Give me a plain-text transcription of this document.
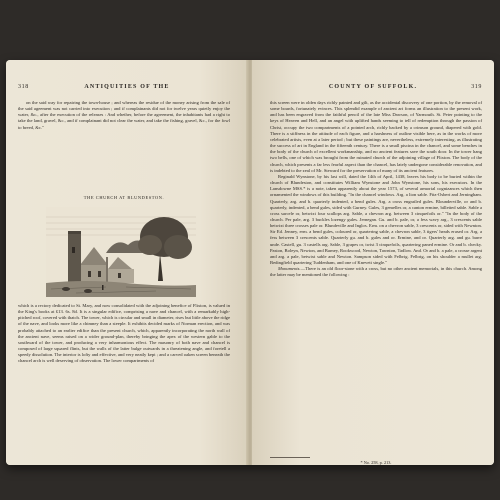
318	ANTIQUITIES OF THE

on the said way for repairing the town-house ; and whereas the residue of the money arising from the sale of the said ageement was not carried into execution ; and if complainants did not for twelve years quietly enjoy the water, &c., after the execution of the releases : And whether, before the agreement, the inhabitants had a right to take the land, gravel, &c., and if complainant did not clear the water, and take the fishing, gravel, &c., for the fowl to breed, &c."

THE CHURCH AT BLUNDESTON.

which is a rectory dedicated to St. Mary, and now consolidated with the adjoining benefice of Flixton, is valued in the King's books at £13. 6s. 8d. It is a singular edifice, comprising a nave and chancel, with a remarkably high-pitched roof, covered with thatch. The tower, which is circular and small in diameter, rises but little above the ridge of the nave, and looks more like a chimney than a steeple. It exhibits decided marks of Norman erection, and was probably attached to an earlier edifice than the present church, which, apparently incorporating the north wall of the ancient nave, seems raised on a wider ground-plan, thereby bringing the apex of the western gable to the southward of the tower, and producing a very inharmonious effect. The masonry of both nave and chancel is composed of large squared flints, but the walls of the latter bulge outwards in a threatening angle, and foretell a speedy dissolution. The interior is lofty and effective, and very neatly kept ; and a carved oaken screen beneath the chancel arch is well deserving of observation. The lower compartments of

COUNTY OF SUFFOLK.	319

this screen were in olden days richly painted and gilt, as the accidental discovery of one portion, by the removal of some boards, fortunately evinces. This splendid example of ancient art forms an illustration to the present work, and has been engraved from the faithful pencil of the late Miss Dawson, of Yarmouth. St. Peter pointing to the keys of Heaven and Hell, and an angel with uplifted hands seeming to tell of redemption through the passion of Christ, occupy the two compartments of a pointed arch, richly backed by a crimson ground, diapered with gold. There is a stiffness in the attitude of each figure, and a harshness of outline visible here, as in the works of more celebrated artists, even at a later period ; but these paintings are, nevertheless, extremely interesting, as illustrating the success of art in England in the fifteenth century. There is a small piscina in the chancel, and some benches in the body of the church of excellent workmanship, and no ancient features save the south door. In the tower hang two bells, one of which was brought from the ruinated church of the adjoining village of Flixton. The body of the church, which presents a far less fearful aspect than the chancel, has lately undergone considerable renovation, and is indebted to the zeal of Mr. Steward for the preservation of many of its ancient features.

Reginald Wynstone, by his last will, dated the 14th of April, 1438, leaves his body to be buried within the church of Blundeston, and constitutes William Wynstone and John Wynstone, his sons, his executors. In the Lansdowne MSS.* is a note, taken apparently about the year 1573, of several armorial cognizances which then ornamented the windows of this building. "In the chancel windows. Arg. a lion sable. Fitz-Osbert and Jerningham. Quarterly, arg. and b. quarterly indented, a bend gules. Arg. a cross engrailed gules. Blounderville, or and b. quarterly, indented, a bend gules, sided with Gurney. Gules, 3 gemelles or, a canton ermine, billetted sable. Sable a cross sarcele or, betwixt four scallops arg. Sable, a chevron arg. between 3 cinquefoils or." "In the body of the church. Per pale, arg. 3 buckles lozengy gules. Jernegan. Gu. and b. pale, or, a fess wavy arg., 3 crescents sable betwixt three crosses pale or. Blundeville and Inglos. Erm. on a chevron sable, 3 crescents or, sided with Newnton. Sir Ed. Jenney, erm. a bend gules, coloured or, quartering sable, a chevron sable, 3 tigers' heads erased or. Arg. a fess between 3 crescents sable. Quarterly gu. and b. gules and or. Ermine, and or. Quarterly arg. and gu. barre unde. Castell, gu. 3 castells arg. Sable, 3 grapes or, twist 3 cinquefoils, quartering paned ermine. Or and b. checky. Paston, Boleyn, Newton, and Barney, Rookwood, Newton, Tawnton, Tadlow. And. Or and b. a pale, a crosse argent and arg. a pale, betwixt sable and Newton. Sampson sided with Felbrig. Felbrig, on his shoulder a mullet arg. Bedingfield quartering Tuddenham, and one of Knevett single."

Monuments.—There is an old floor-stone with a cross, but no other ancient memorials, in this church. Among the latter may be mentioned the following :

* No. 258, p. 213.
